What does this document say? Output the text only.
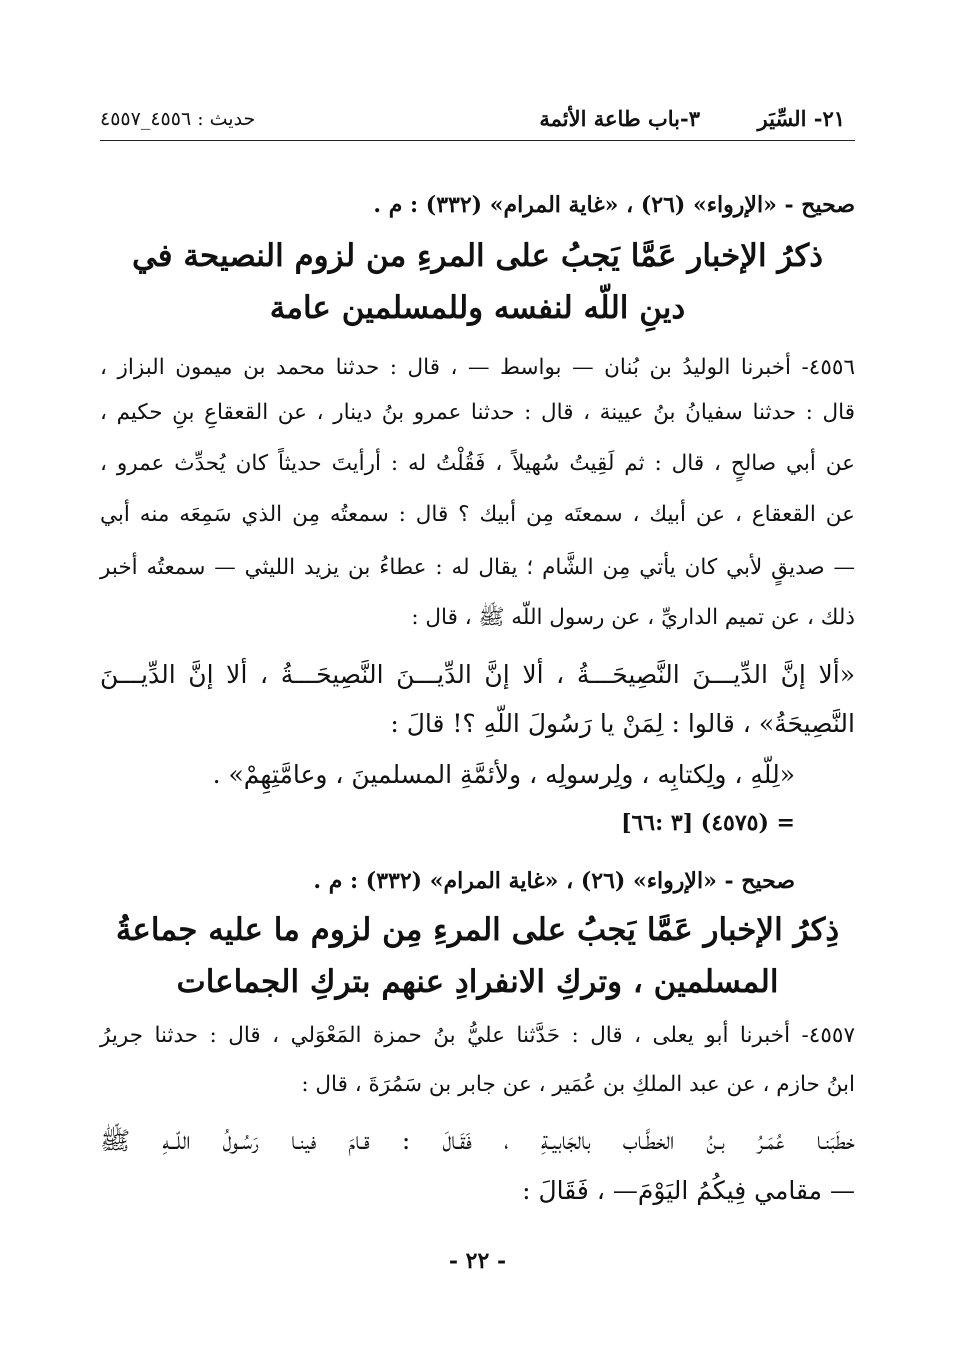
٢١- السِّيَر
٣-باب طاعة الأئمة
حديث : ٤٥٥٦_٤٥٥٧
صحيح - «الإرواء» (٢٦) ، «غاية المرام» (٣٣٢) : م .
ذكرُ الإخبار عَمَّا يَجبُ على المرءِ من لزوم النصيحة في
دينِ اللّه لنفسه وللمسلمين عامة
٤٥٥٦- أخبرنا الوليدُ بن بُنان — بواسط — ، قال : حدثنا محمد بن ميمون البزاز ،
قال : حدثنا سفيانُ بنُ عيينة ، قال : حدثنا عمرو بنُ دينار ، عن القعقاعِ بنِ حكيم ،
عن أبي صالحٍ ، قال : ثم لَقِيتُ سُهيلاً ، فَقُلْتُ له : أرأيتَ حديثاً كان يُحدِّث عمرو ،
عن القعقاع ، عن أبيك ، سمعتَه مِن أبيك ؟ قال : سمعتُه مِن الذي سَمِعَه منه أبي
— صديقٍ لأبي كان يأتي مِن الشَّام ؛ يقال له : عطاءُ بن يزيد الليثي — سمعتُه أخبر
ذلك ، عن تميم الداريِّ ، عن رسول اللّه ﷺ ، قال :
«ألا إنَّ الدِّيـــنَ النَّصِيحَـــةُ ، ألا إنَّ الدِّيـــنَ النَّصِيحَـــةُ ، ألا إنَّ الدِّيـــنَ
النَّصِيحَةُ» ، قالوا : لِمَنْ يا رَسُولَ اللّهِ ؟! قالَ :
«لِلّهِ ، ولِكتابِه ، ولِرسولِه ، ولأئمَّةِ المسلمينَ ، وعامَّتِهِمْ» .
= (٤٥٧٥) [٣ :٦٦]
صحيح - «الإرواء» (٢٦) ، «غاية المرام» (٣٣٢) : م .
ذِكرُ الإخبار عَمَّا يَجبُ على المرءِ مِن لزوم ما عليه جماعةُ
المسلمين ، وتركِ الانفرادِ عنهم بتركِ الجماعات
٤٥٥٧- أخبرنا أبو يعلى ، قال : حَدَّثنا عليُّ بنُ حمزة المَعْوَلي ، قال : حدثنا جريرُ
ابنُ حازم ، عن عبد الملكِ بن عُمَير ، عن جابر بن سَمُرَةَ ، قال :
خطَبَنـا عُمَـرُ بـنُ الخطَّـاب بالجَابيـةِ ، فَقَـالَ : قـامَ فينـا رَسُـولُ اللّــهِ ﷺ
— مقامي فِيكُمُ اليَوْمَ— ، فَقَالَ :
- ٢٢ -
